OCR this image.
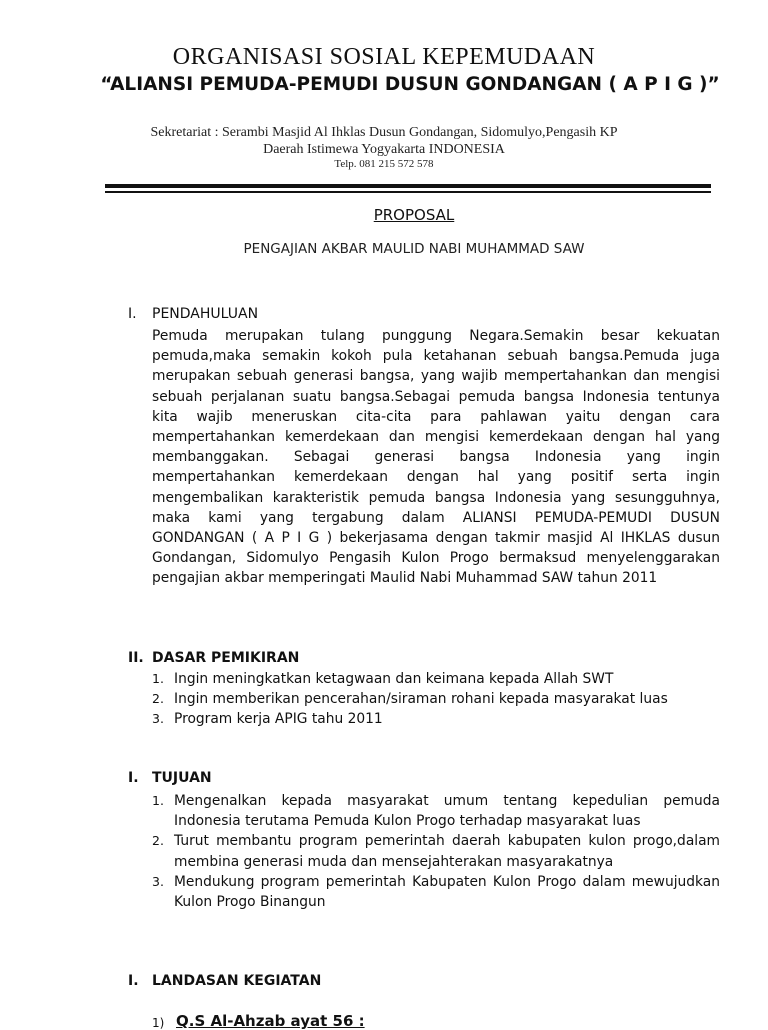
ORGANISASI SOSIAL KEPEMUDAAN
“ALIANSI PEMUDA-PEMUDI DUSUN GONDANGAN ( A P I G )”
Sekretariat : Serambi Masjid Al Ihklas Dusun Gondangan, Sidomulyo,Pengasih KP
Daerah Istimewa Yogyakarta INDONESIA
Telp. 081 215 572 578
PROPOSAL
PENGAJIAN AKBAR MAULID NABI MUHAMMAD SAW
I. PENDAHULUAN
Pemuda merupakan tulang punggung Negara.Semakin besar kekuatan pemuda,maka semakin kokoh pula ketahanan sebuah bangsa.Pemuda juga merupakan sebuah generasi bangsa, yang wajib mempertahankan dan mengisi sebuah perjalanan suatu bangsa.Sebagai pemuda bangsa Indonesia tentunya kita wajib meneruskan cita-cita para pahlawan yaitu dengan cara mempertahankan kemerdekaan dan mengisi kemerdekaan dengan hal yang membanggakan. Sebagai generasi bangsa Indonesia yang ingin mempertahankan kemerdekaan dengan hal yang positif serta ingin mengembalikan karakteristik pemuda bangsa Indonesia yang sesungguhnya, maka kami yang tergabung dalam ALIANSI PEMUDA-PEMUDI DUSUN GONDANGAN ( A P I G ) bekerjasama dengan takmir masjid Al IHKLAS dusun Gondangan, Sidomulyo Pengasih Kulon Progo bermaksud menyelenggarakan pengajian akbar memperingati Maulid Nabi Muhammad SAW tahun 2011
II. DASAR PEMIKIRAN
1. Ingin meningkatkan ketagwaan dan keimana kepada Allah SWT
2. Ingin memberikan pencerahan/siraman rohani kepada masyarakat luas
3. Program kerja APIG tahu 2011
I. TUJUAN
1. Mengenalkan kepada masyarakat umum tentang kepedulian pemuda Indonesia terutama Pemuda Kulon Progo terhadap masyarakat luas
2. Turut membantu program pemerintah daerah kabupaten kulon progo,dalam membina generasi muda dan mensejahterakan masyarakatnya
3. Mendukung program pemerintah Kabupaten Kulon Progo dalam mewujudkan Kulon Progo Binangun
I. LANDASAN KEGIATAN
1) Q.S Al-Ahzab ayat 56 :
